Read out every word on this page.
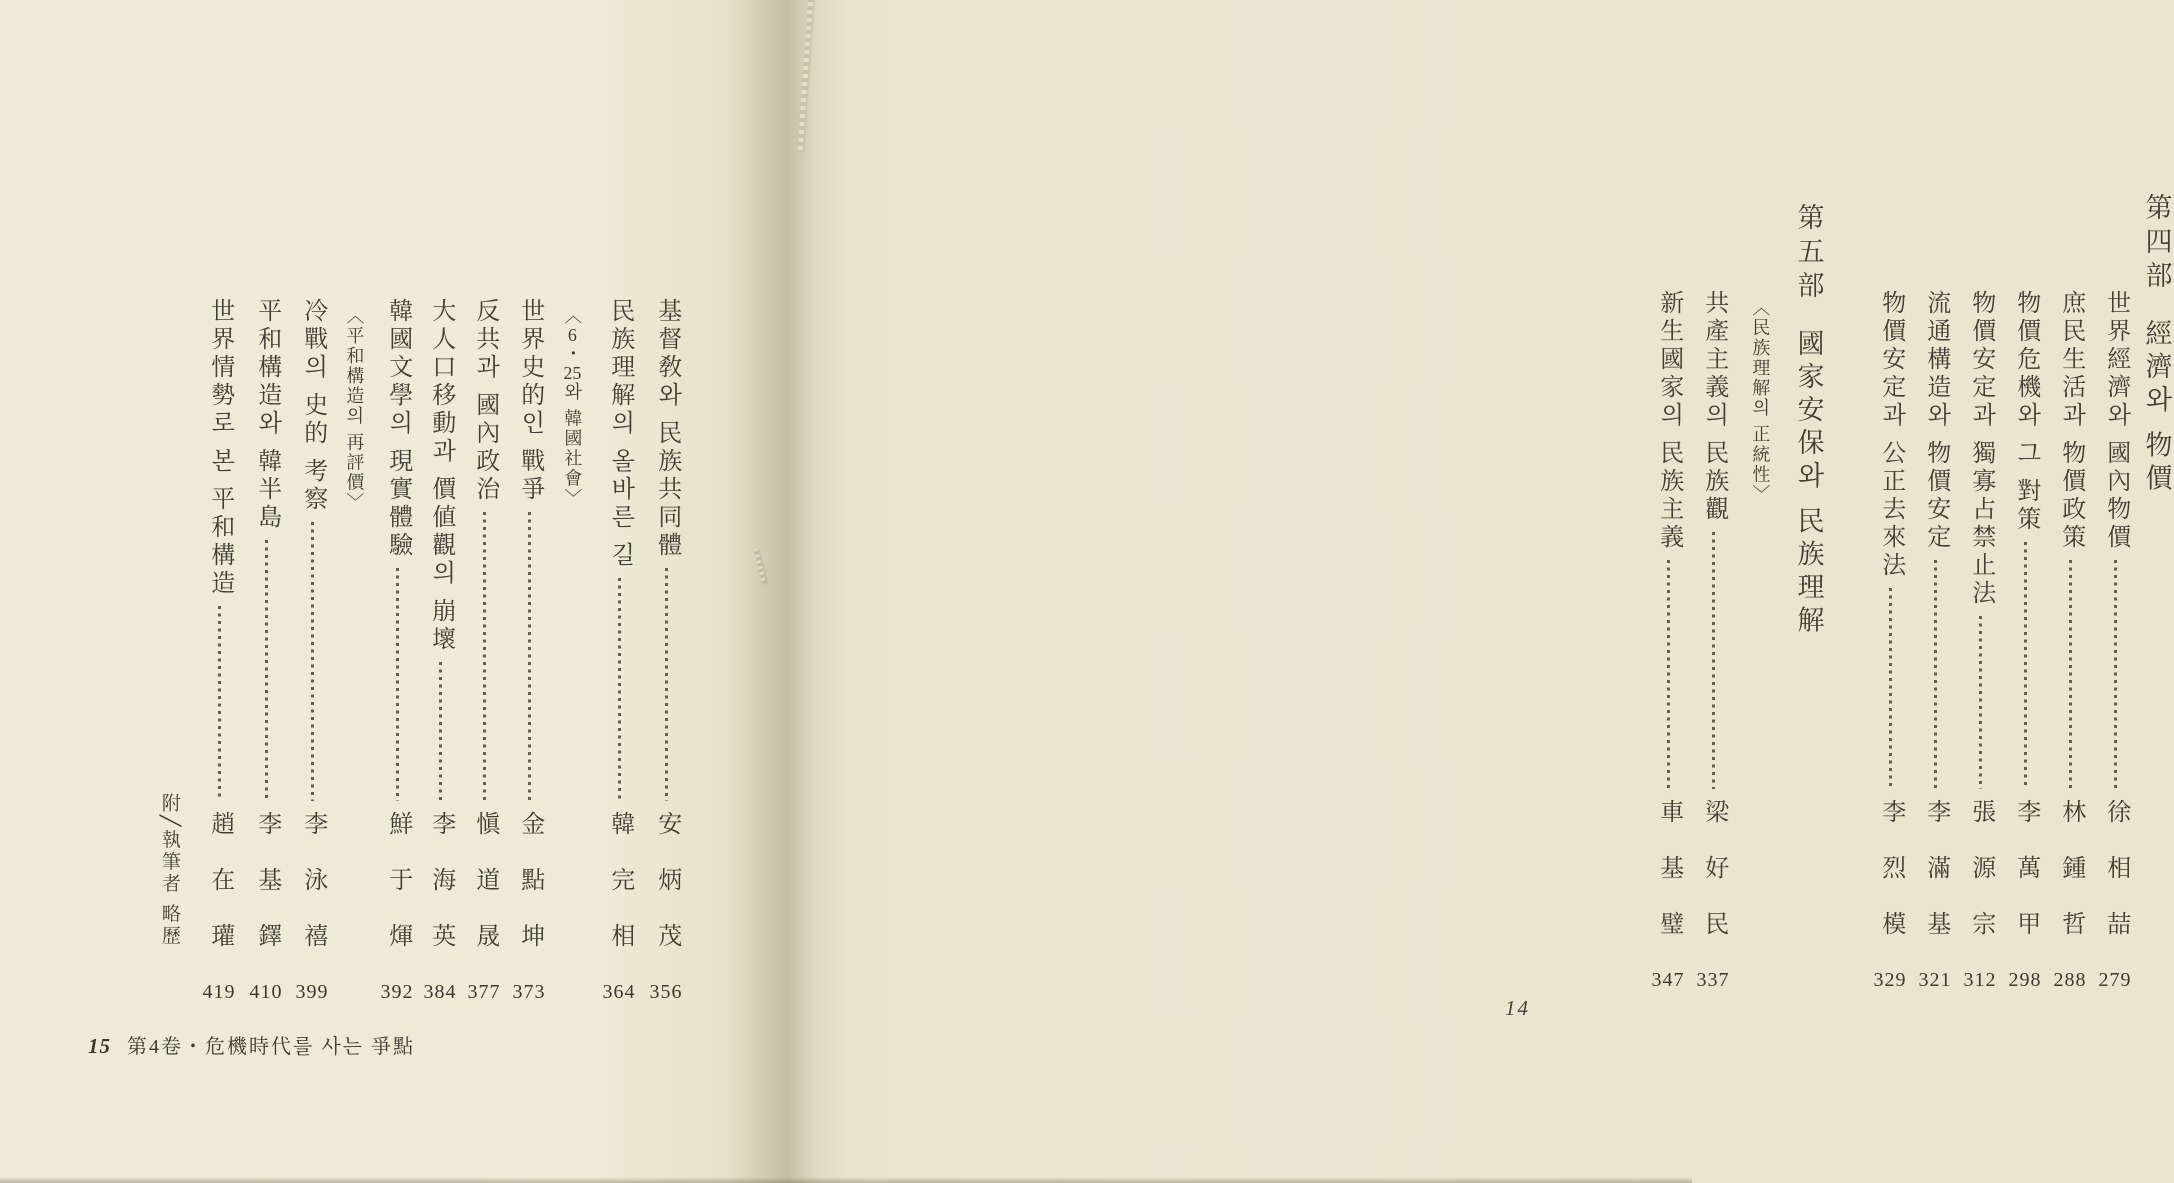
基督敎와 民族共同體
安炳茂
356
民族理解의 올바른 길
韓完相
364
〈6・25와 韓國社會〉
世界史的인 戰爭
金點坤
373
反共과 國內政治
愼道晟
377
大人口移動과 價値觀의 崩壞
李海英
384
韓國文學의 現實體驗
鮮于煇
392
〈平和構造의 再評價〉
冷戰의 史的 考察
李泳禧
399
平和構造와 韓半島
李基鐸
410
世界情勢로 본 平和構造
趙在瓘
419
附╱執筆者 略歷
15 第4卷・危機時代를 사는 爭點
第四部
經濟와 物價
世界經濟와 國內物價
徐相喆
279
庶民生活과 物價政策
林鍾哲
288
物價危機와 그 對策
李萬甲
298
物價安定과 獨寡占禁止法
張源宗
312
流通構造와 物價安定
李滿基
321
物價安定과 公正去來法
李烈模
329
第五部
國家安保와 民族理解
〈民族理解의 正統性〉
共產主義의 民族觀
梁好民
337
新生國家의 民族主義
車基璧
347
14
